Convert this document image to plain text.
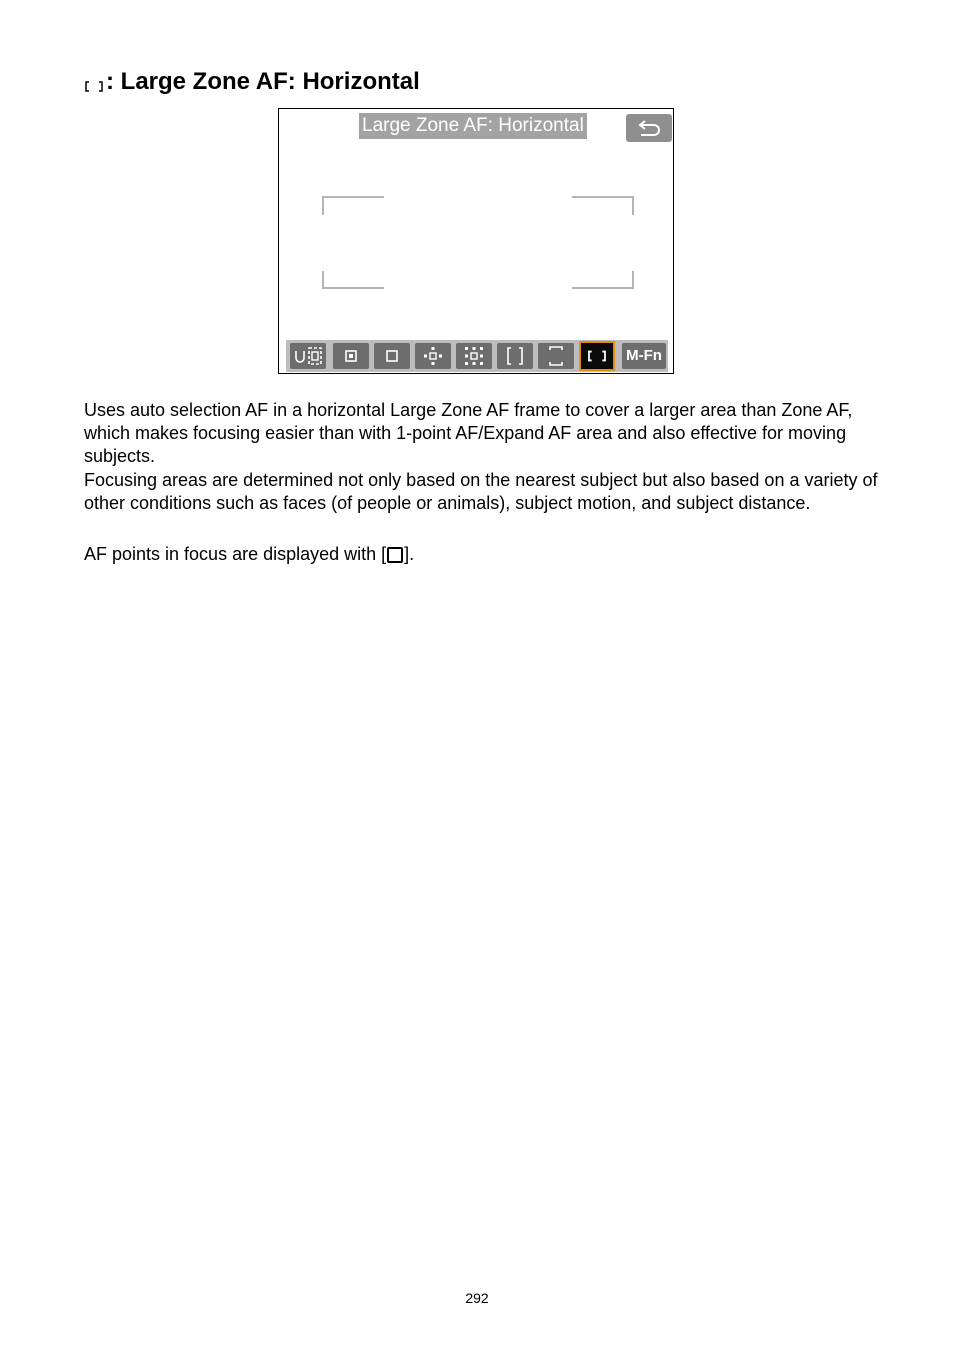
: Large Zone AF: Horizontal
Large Zone AF: Horizontal
M-Fn

Uses auto selection AF in a horizontal Large Zone AF frame to cover a larger area than Zone AF, which makes focusing easier than with 1-point AF/Expand AF area and also effective for moving subjects.

Focusing areas are determined not only based on the nearest subject but also based on a variety of other conditions such as faces (of people or animals), subject motion, and subject distance.

AF points in focus are displayed with [ ].

292
